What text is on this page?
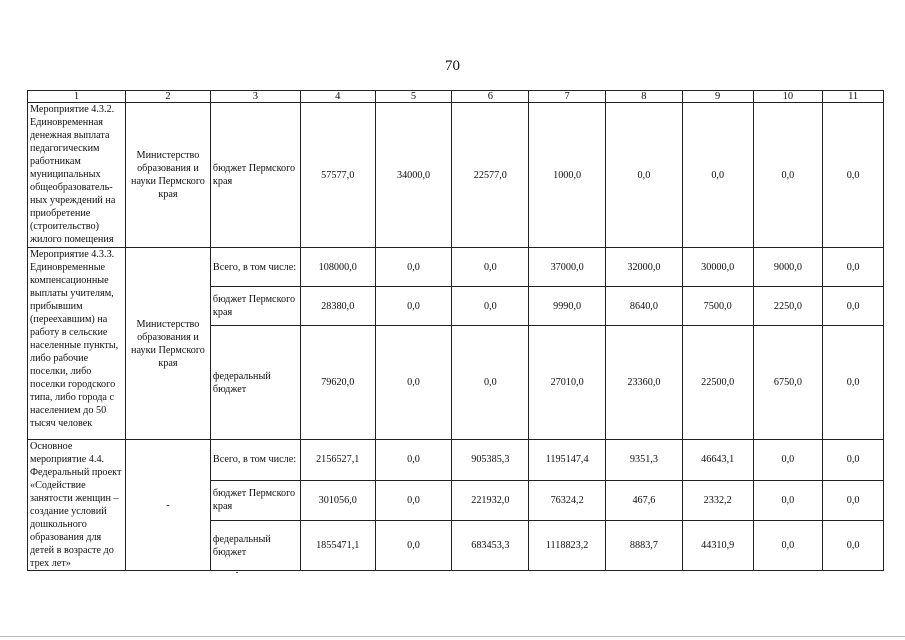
70
1	2	3	4	5	6	7	8	9	10	11
Мероприятие 4.3.2. Единовременная денежная выплата педагогическим работникам муниципальных общеобразователь-ных учреждений на приобретение (строительство) жилого помещения	Министерство образования и науки Пермского края	бюджет Пермского края	57577,0	34000,0	22577,0	1000,0	0,0	0,0	0,0	0,0
Мероприятие 4.3.3. Единовременные компенсационные выплаты учителям, прибывшим (переехавшим) на работу в сельские населенные пункты, либо рабочие поселки, либо поселки городского типа, либо города с населением до 50 тысяч человек	Министерство образования и науки Пермского края	Всего, в том числе:	108000,0	0,0	0,0	37000,0	32000,0	30000,0	9000,0	0,0
		бюджет Пермского края	28380,0	0,0	0,0	9990,0	8640,0	7500,0	2250,0	0,0
		федеральный бюджет	79620,0	0,0	0,0	27010,0	23360,0	22500,0	6750,0	0,0
Основное мероприятие 4.4. Федеральный проект «Содействие занятости женщин – создание условий дошкольного образования для детей в возрасте до трех лет»	-	Всего, в том числе:	2156527,1	0,0	905385,3	1195147,4	9351,3	46643,1	0,0	0,0
		бюджет Пермского края	301056,0	0,0	221932,0	76324,2	467,6	2332,2	0,0	0,0
		федеральный бюджет	1855471,1	0,0	683453,3	1118823,2	8883,7	44310,9	0,0	0,0
